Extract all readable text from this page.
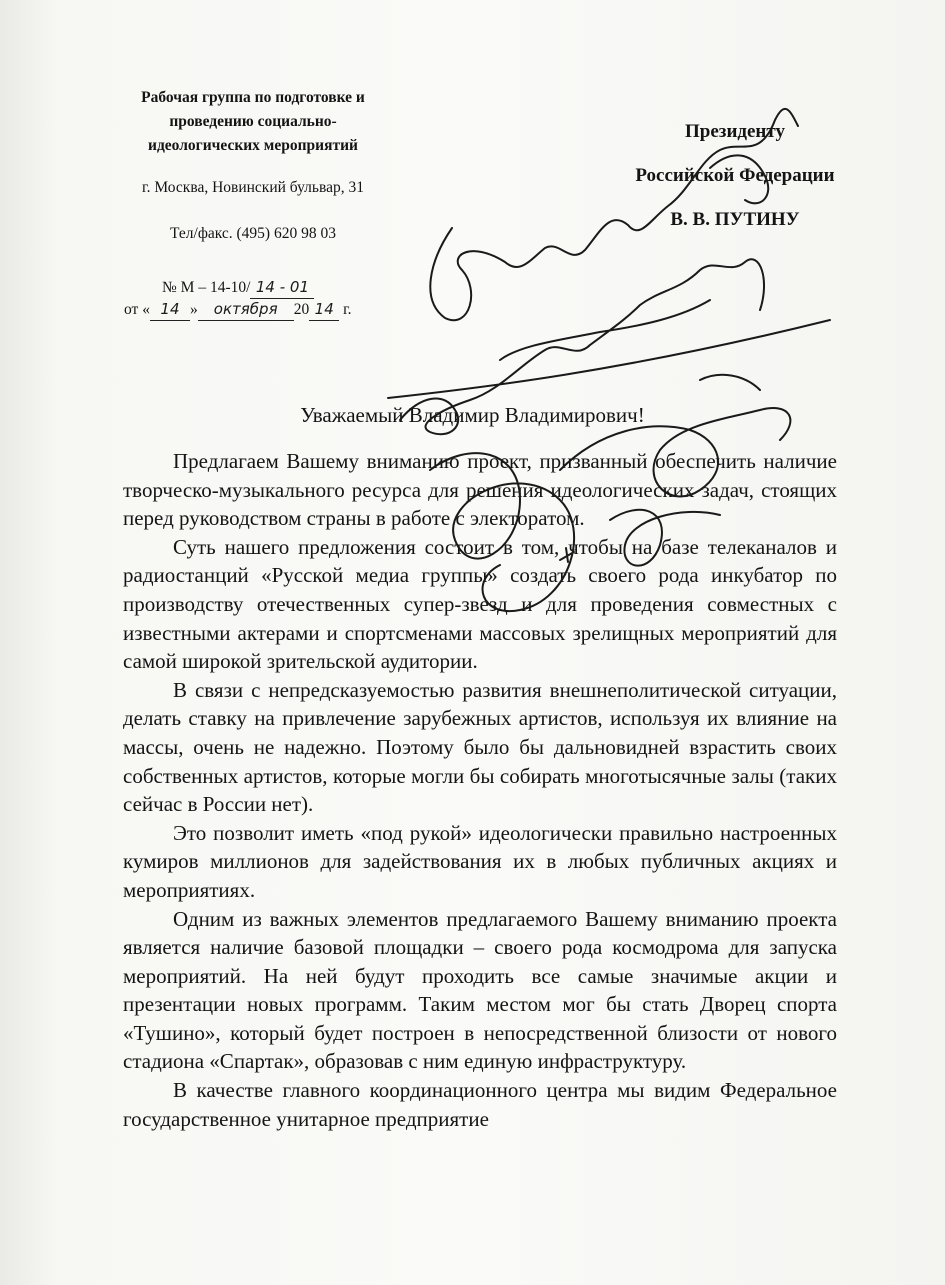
Рабочая группа по подготовке и
проведению социально-
идеологических мероприятий
г. Москва, Новинский бульвар, 31
Тел/факс. (495) 620 98 03
№ М – 14-10/ 14 - 01
от « 14 » октября 20 14 г.
Президенту
Российской Федерации
В. В. ПУТИНУ
Уважаемый Владимир Владимирович!

Предлагаем Вашему вниманию проект, призванный обеспечить наличие творческо-музыкального ресурса для решения идеологических задач, стоящих перед руководством страны в работе с электоратом.

Суть нашего предложения состоит в том, чтобы на базе телеканалов и радиостанций «Русской медиа группы» создать своего рода инкубатор по производству отечественных супер-звезд и для проведения совместных с известными актерами и спортсменами массовых зрелищных мероприятий для самой широкой зрительской аудитории.

В связи с непредсказуемостью развития внешнеполитической ситуации, делать ставку на привлечение зарубежных артистов, используя их влияние на массы, очень не надежно. Поэтому было бы дальновидней взрастить своих собственных артистов, которые могли бы собирать многотысячные залы (таких сейчас в России нет).

Это позволит иметь «под рукой» идеологически правильно настроенных кумиров миллионов для задействования их в любых публичных акциях и мероприятиях.

Одним из важных элементов предлагаемого Вашему вниманию проекта является наличие базовой площадки – своего рода космодрома для запуска мероприятий. На ней будут проходить все самые значимые акции и презентации новых программ. Таким местом мог бы стать Дворец спорта «Тушино», который будет построен в непосредственной близости от нового стадиона «Спартак», образовав с ним единую инфраструктуру.

В качестве главного координационного центра мы видим Федеральное государственное унитарное предприятие
